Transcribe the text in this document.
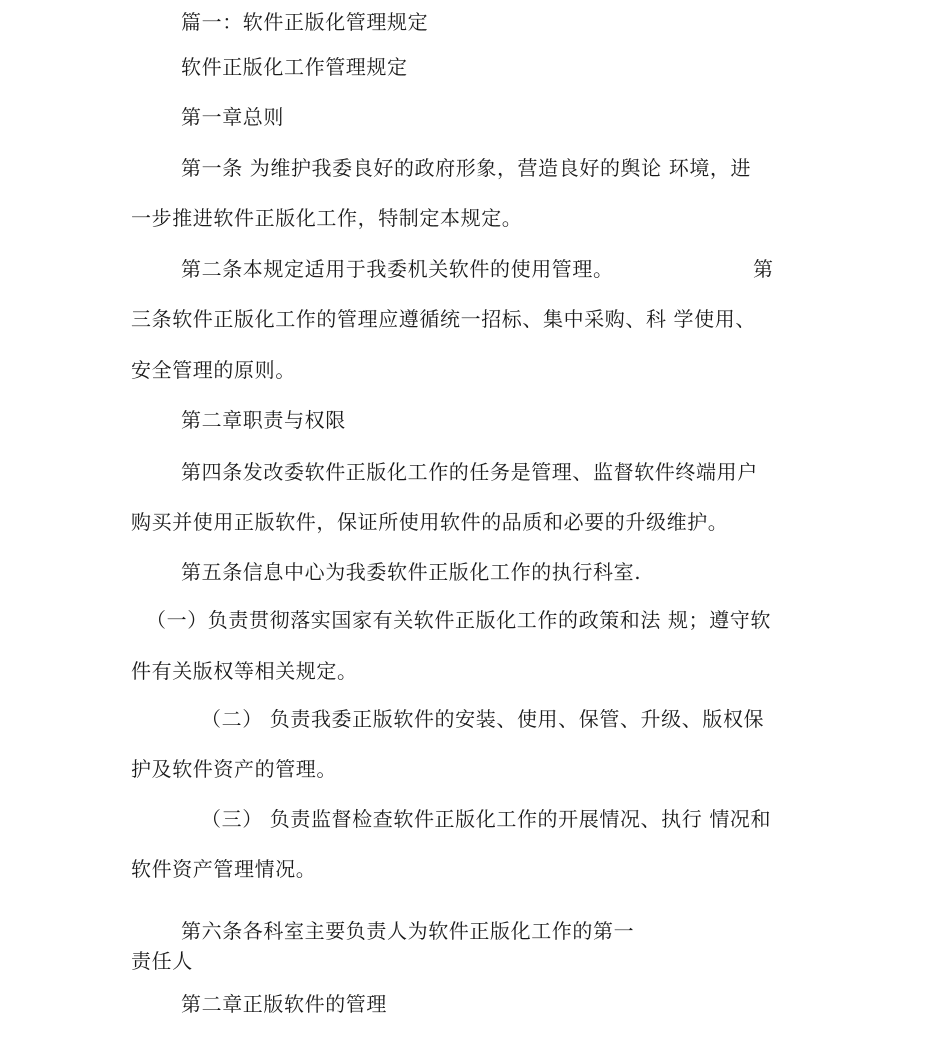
篇一：软件正版化管理规定
软件正版化工作管理规定
第一章总则
第一条 为维护我委良好的政府形象，营造良好的舆论 环境，进
一步推进软件正版化工作，特制定本规定。
第二条本规定适用于我委机关软件的使用管理。	第
三条软件正版化工作的管理应遵循统一招标、集中采购、科 学使用、
安全管理的原则。
第二章职责与权限
第四条发改委软件正版化工作的任务是管理、监督软件终端用户
购买并使用正版软件，保证所使用软件的品质和必要的升级维护。
第五条信息中心为我委软件正版化工作的执行科室.
（一）负责贯彻落实国家有关软件正版化工作的政策和法 规；遵守软
件有关版权等相关规定。
（二） 负责我委正版软件的安装、使用、保管、升级、版权保
护及软件资产的管理。
（三） 负责监督检查软件正版化工作的开展情况、执行 情况和
软件资产管理情况。
第六条各科室主要负责人为软件正版化工作的第一
责任人
第二章正版软件的管理
